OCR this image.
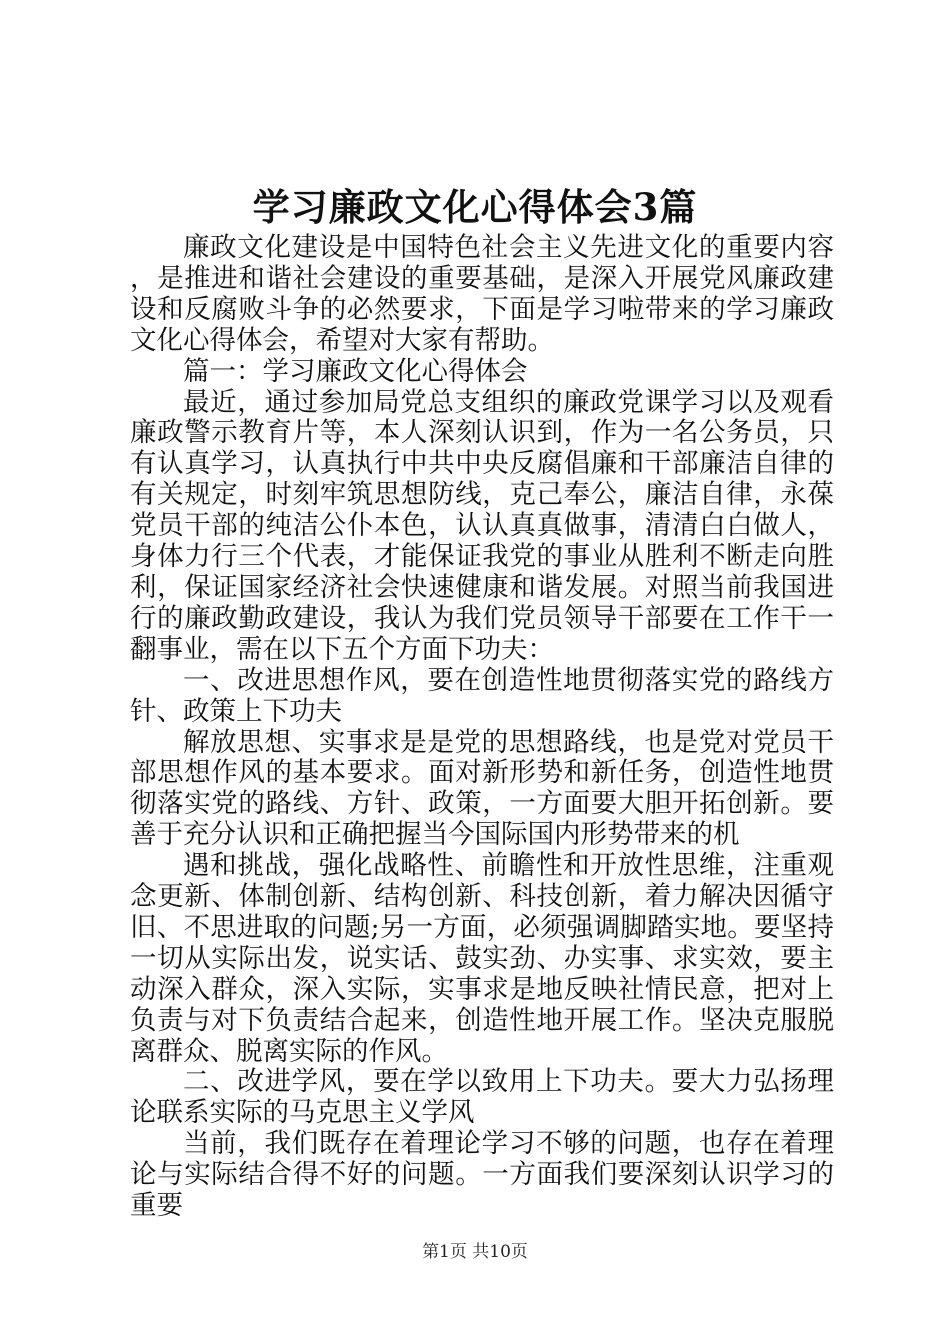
学习廉政文化心得体会3篇

廉政文化建设是中国特色社会主义先进文化的重要内容，是推进和谐社会建设的重要基础，是深入开展党风廉政建设和反腐败斗争的必然要求，下面是学习啦带来的学习廉政文化心得体会，希望对大家有帮助。

篇一：学习廉政文化心得体会

最近，通过参加局党总支组织的廉政党课学习以及观看廉政警示教育片等，本人深刻认识到，作为一名公务员，只有认真学习，认真执行中共中央反腐倡廉和干部廉洁自律的有关规定，时刻牢筑思想防线，克己奉公，廉洁自律，永葆党员干部的纯洁公仆本色，认认真真做事，清清白白做人，身体力行三个代表，才能保证我党的事业从胜利不断走向胜利，保证国家经济社会快速健康和谐发展。对照当前我国进行的廉政勤政建设，我认为我们党员领导干部要在工作干一翻事业，需在以下五个方面下功夫：

一、改进思想作风，要在创造性地贯彻落实党的路线方针、政策上下功夫

解放思想、实事求是是党的思想路线，也是党对党员干部思想作风的基本要求。面对新形势和新任务，创造性地贯彻落实党的路线、方针、政策，一方面要大胆开拓创新。要善于充分认识和正确把握当今国际国内形势带来的机

遇和挑战，强化战略性、前瞻性和开放性思维，注重观念更新、体制创新、结构创新、科技创新，着力解决因循守旧、不思进取的问题;另一方面，必须强调脚踏实地。要坚持一切从实际出发，说实话、鼓实劲、办实事、求实效，要主动深入群众，深入实际，实事求是地反映社情民意，把对上负责与对下负责结合起来，创造性地开展工作。坚决克服脱离群众、脱离实际的作风。

二、改进学风，要在学以致用上下功夫。要大力弘扬理论联系实际的马克思主义学风

当前，我们既存在着理论学习不够的问题，也存在着理论与实际结合得不好的问题。一方面我们要深刻认识学习的重要

第1页 共10页
